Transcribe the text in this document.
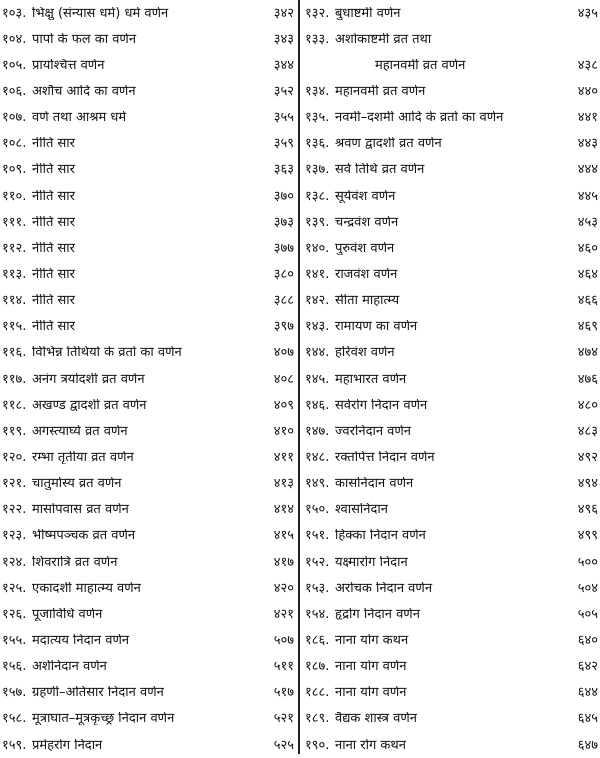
१०३. भिक्षु (संन्यास धर्म) धर्म वर्णन	३४२
१०४. पापों के फल का वर्णन	३४३
१०५. प्रायश्चित्त वर्णन	३४४
१०६. अशौच आदि का वर्णन	३५२
१०७. वर्ण तथा आश्रम धर्म	३५५
१०८. नीति सार	३५९
१०९. नीति सार	३६३
११०. नीति सार	३७०
१११. नीति सार	३७३
११२. नीति सार	३७७
११३. नीति सार	३८०
११४. नीति सार	३८८
११५. नीति सार	३९७
११६. विभिन्न तिथियों के व्रतों का वर्णन	४०७
११७. अनंग त्रयोदशी व्रत वर्णन	४०८
११८. अखण्ड द्वादशी व्रत वर्णन	४०९
११९. अगस्त्यार्घ्य व्रत वर्णन	४१०
१२०. रम्भा तृतीया व्रत वर्णन	४११
१२१. चातुर्मास्य व्रत वर्णन	४१३
१२२. मासोपवास व्रत वर्णन	४१४
१२३. भीष्मपञ्चक व्रत वर्णन	४१५
१२४. शिवरात्रि व्रत वर्णन	४१७
१२५. एकादशी माहात्म्य वर्णन	४२०
१२६. पूजाविधि वर्णन	४२१
१५५. मदात्यय निदान वर्णन	५०७
१५६. अर्शनिदान वर्णन	५११
१५७. ग्रहणी–अतिसार निदान वर्णन	५१७
१५८. मूत्राघात–मूत्रकृच्छ्र निदान वर्णन	५२१
१५९. प्रमेहरोग निदान	५२५
१३२. बुधाष्टमी वर्णन	४३५
१३३. अशोकाष्टमी व्रत तथा
महानवमी व्रत वर्णन	४३८
१३४. महानवमी व्रत वर्णन	४४०
१३५. नवमी–दशमी आदि के व्रतों का वर्णन	४४१
१३६. श्रवण द्वादशी व्रत वर्णन	४४३
१३७. सर्व तिथि व्रत वर्णन	४४४
१३८. सूर्यवंश वर्णन	४४५
१३९. चन्द्रवंश वर्णन	४५३
१४०. पुरुवंश वर्णन	४६०
१४१. राजवंश वर्णन	४६४
१४२. सीता माहात्म्य	४६६
१४३. रामायण का वर्णन	४६९
१४४. हरिवंश वर्णन	४७४
१४५. महाभारत वर्णन	४७६
१४६. सर्वरोग निदान वर्णन	४८०
१४७. ज्वरनिदान वर्णन	४८३
१४८. रक्तपित्त निदान वर्णन	४९२
१४९. कासनिदान वर्णन	४९४
१५०. श्वासनिदान	४९६
१५१. हिक्का निदान वर्णन	४९९
१५२. यक्ष्मारोग निदान	५००
१५३. अरोचक निदान वर्णन	५०४
१५४. हृद्रोग निदान वर्णन	५०५
१८६. नाना योग कथन	६४०
१८७. नाना योग वर्णन	६४२
१८८. नाना योग वर्णन	६४४
१८९. वैद्यक शास्त्र वर्णन	६४५
१९०. नाना रोग कथन	६४७
